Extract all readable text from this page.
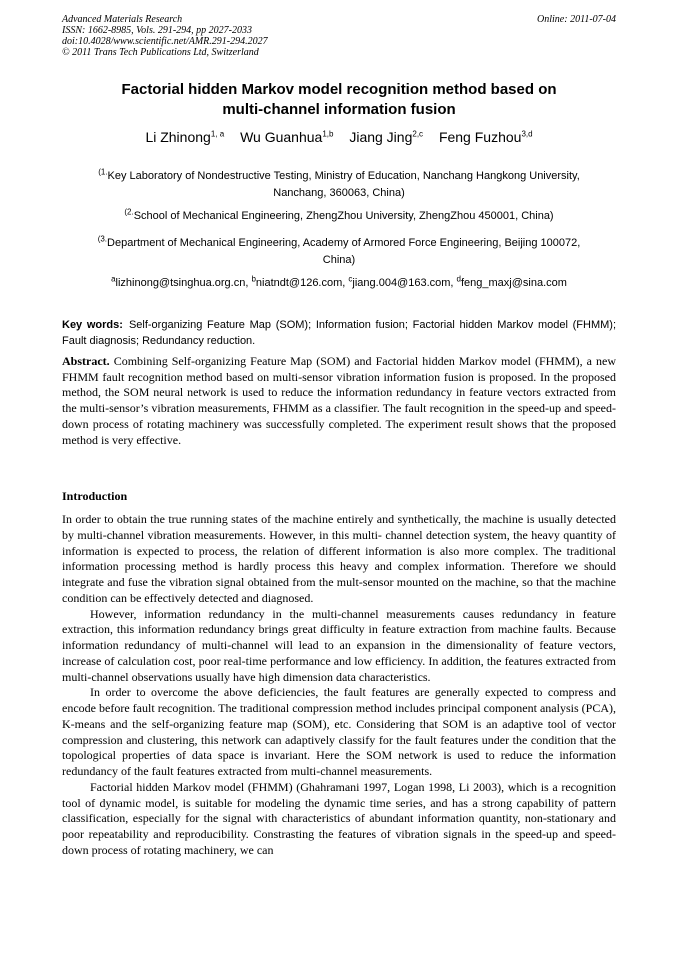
Advanced Materials Research
ISSN: 1662-8985, Vols. 291-294, pp 2027-2033
doi:10.4028/www.scientific.net/AMR.291-294.2027
© 2011 Trans Tech Publications Ltd, Switzerland
Online: 2011-07-04
Factorial hidden Markov model recognition method based on
multi-channel information fusion
Li Zhinong$^{1, a}$ Wu Guanhua$^{1,b}$ Jiang Jing$^{2,c}$ Feng Fuzhou$^{3,d}$
$^{(1.}$Key Laboratory of Nondestructive Testing, Ministry of Education, Nanchang Hangkong University,
Nanchang, 360063, China)
$^{(2.}$School of Mechanical Engineering, ZhengZhou University, ZhengZhou 450001, China)
$^{(3.}$Department of Mechanical Engineering, Academy of Armored Force Engineering, Beijing 100072,
China)
$^a$lizhinong@tsinghua.org.cn, $^b$niatndt@126.com, $^c$jiang.004@163.com, $^d$feng_maxj@sina.com
Key words: Self-organizing Feature Map (SOM); Information fusion; Factorial hidden Markov model (FHMM); Fault diagnosis; Redundancy reduction.
Abstract. Combining Self-organizing Feature Map (SOM) and Factorial hidden Markov model (FHMM), a new FHMM fault recognition method based on multi-sensor vibration information fusion is proposed. In the proposed method, the SOM neural network is used to reduce the information redundancy in feature vectors extracted from the multi-sensor’s vibration measurements, FHMM as a classifier. The fault recognition in the speed-up and speed-down process of rotating machinery was successfully completed. The experiment result shows that the proposed method is very effective.
Introduction

In order to obtain the true running states of the machine entirely and synthetically, the machine is usually detected by multi-channel vibration measurements. However, in this multi- channel detection system, the heavy quantity of information is expected to process, the relation of different information is also more complex. The traditional information processing method is hardly process this heavy and complex information. Therefore we should integrate and fuse the vibration signal obtained from the mult-sensor mounted on the machine, so that the machine condition can be effectively detected and diagnosed.

However, information redundancy in the multi-channel measurements causes redundancy in feature extraction, this information redundancy brings great difficulty in feature extraction from machine faults. Because information redundancy of multi-channel will lead to an expansion in the dimensionality of feature vectors, increase of calculation cost, poor real-time performance and low efficiency. In addition, the features extracted from multi-channel observations usually have high dimension data characteristics.

In order to overcome the above deficiencies, the fault features are generally expected to compress and encode before fault recognition. The traditional compression method includes principal component analysis (PCA), K-means and the self-organizing feature map (SOM), etc. Considering that SOM is an adaptive tool of vector compression and clustering, this network can adaptively classify for the fault features under the condition that the topological properties of data space is invariant. Here the SOM network is used to reduce the information redundancy of the fault features extracted from multi-channel measurements.

Factorial hidden Markov model (FHMM) (Ghahramani 1997, Logan 1998, Li 2003), which is a recognition tool of dynamic model, is suitable for modeling the dynamic time series, and has a strong capability of pattern classification, especially for the signal with characteristics of abundant information quantity, non-stationary and poor repeatability and reproducibility. Constrasting the features of vibration signals in the speed-up and speed-down process of rotating machinery, we can
